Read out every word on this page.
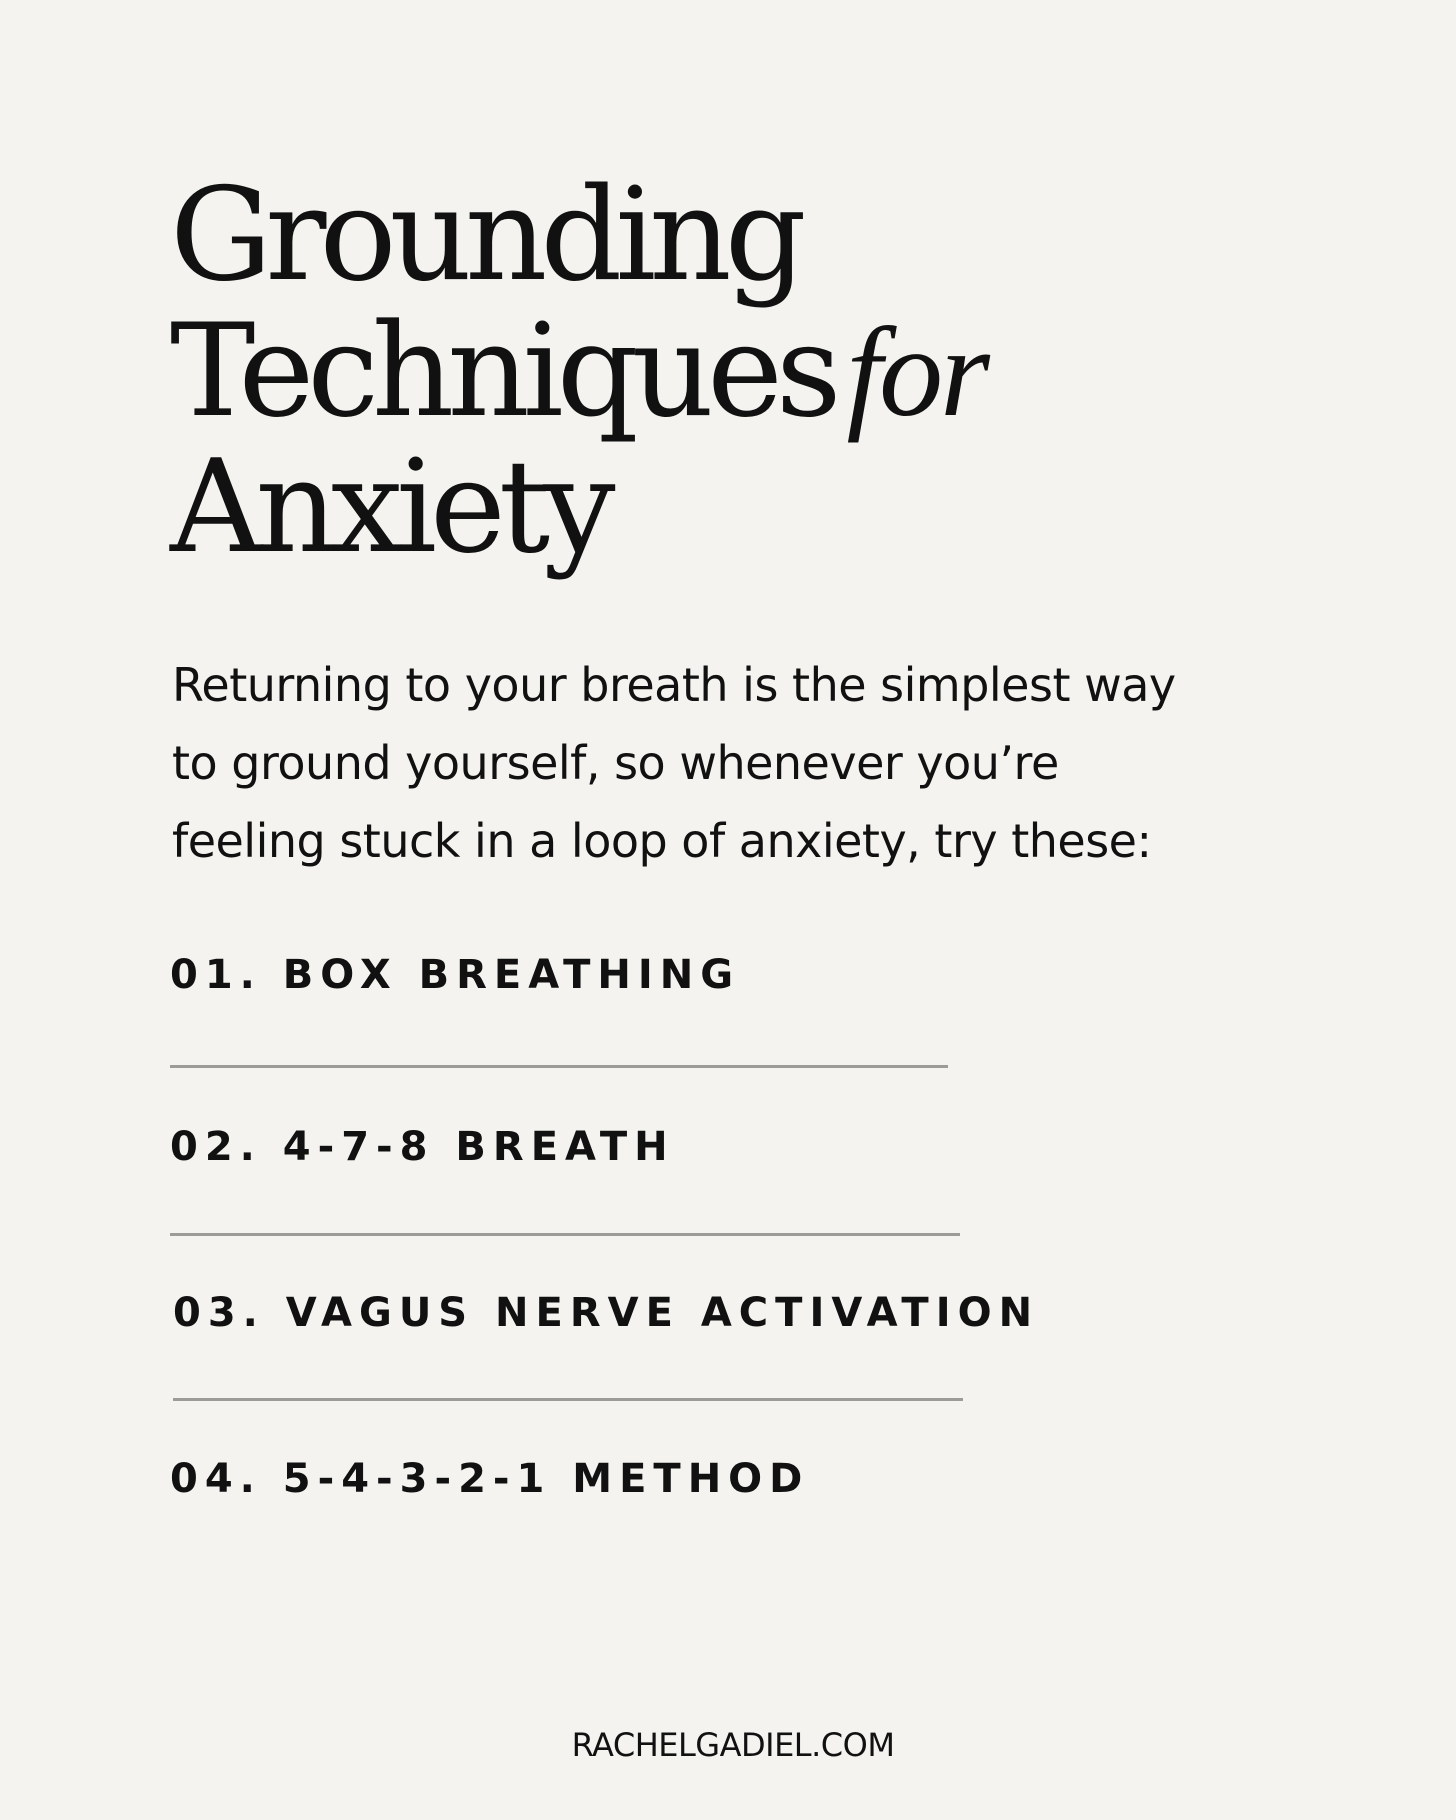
Grounding
Techniquesfor
Anxiety

Returning to your breath is the simplest way
to ground yourself, so whenever you’re
feeling stuck in a loop of anxiety, try these:

01. BOX BREATHING
02. 4-7-8 BREATH
03. VAGUS NERVE ACTIVATION
04. 5-4-3-2-1 METHOD
RACHELGADIEL.COM
